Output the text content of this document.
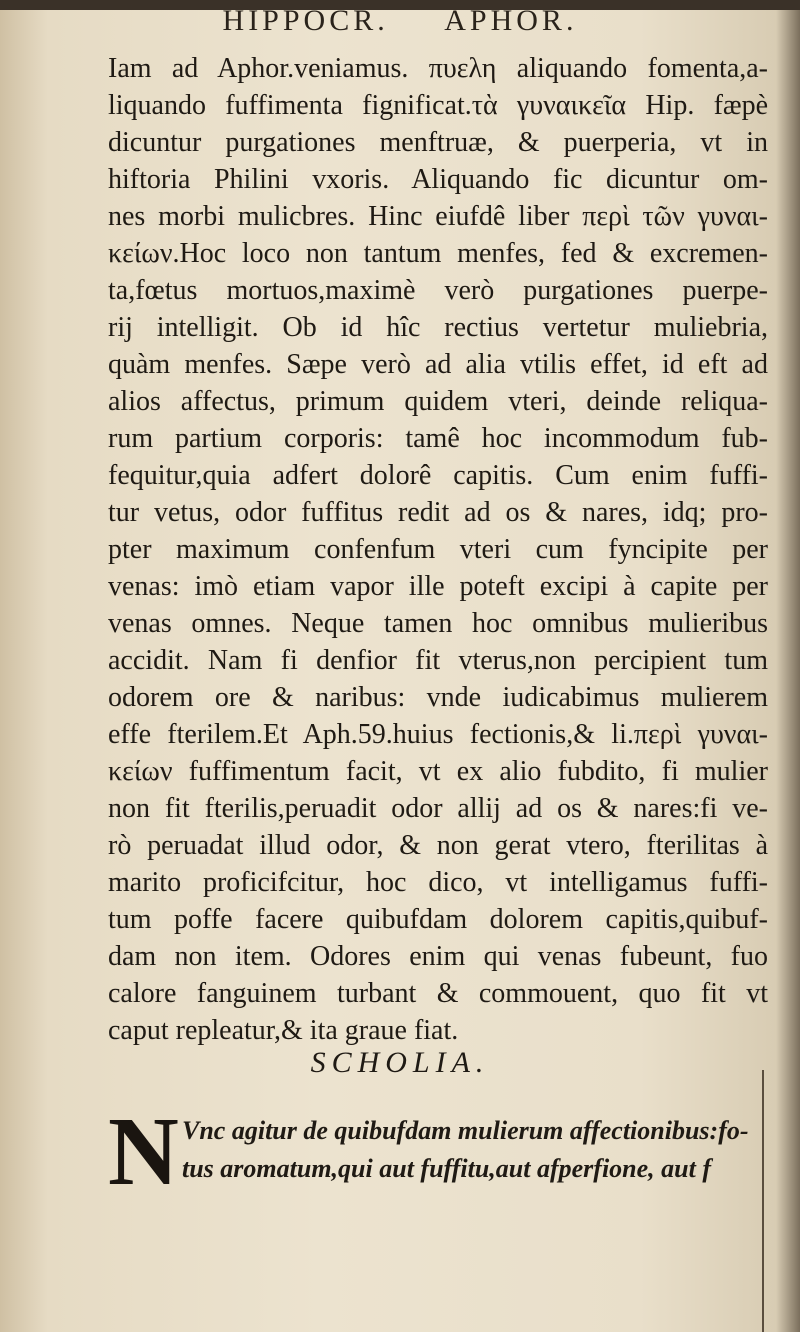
HIPPOCR. APHOR.
Iam ad Aphor.veniamus. πυελη aliquando fomenta,a-
liquando fuffimenta fignificat.τὰ γυναικεῖα Hip. fæpè
dicuntur purgationes menftruæ, & puerperia, vt in
hiftoria Philini vxoris. Aliquando fic dicuntur om-
nes morbi mulicbres. Hinc eiufdê liber περὶ τῶν γυναι-
κείων.Hoc loco non tantum menfes, fed & excremen-
ta,fœtus mortuos,maximè verò purgationes puerpe-
rij intelligit. Ob id hîc rectius vertetur muliebria,
quàm menfes. Sæpe verò ad alia vtilis effet, id eft ad
alios affectus, primum quidem vteri, deinde reliqua-
rum partium corporis: tamê hoc incommodum fub-
fequitur,quia adfert dolorê capitis. Cum enim fuffi-
tur vetus, odor fuffitus redit ad os & nares, idq; pro-
pter maximum confenfum vteri cum fyncipite per
venas: imò etiam vapor ille poteft excipi à capite per
venas omnes. Neque tamen hoc omnibus mulieribus
accidit. Nam fi denfior fit vterus,non percipient tum
odorem ore & naribus: vnde iudicabimus mulierem
effe fterilem.Et Aph.59.huius fectionis,& li.περὶ γυναι-
κείων fuffimentum facit, vt ex alio fubdito, fi mulier
non fit fterilis,peruadit odor allij ad os & nares:fi ve-
rò peruadat illud odor, & non gerat vtero, fterilitas à
marito proficifcitur, hoc dico, vt intelligamus fuffi-
tum poffe facere quibufdam dolorem capitis,quibuf-
dam non item. Odores enim qui venas fubeunt, fuo
calore fanguinem turbant & commouent, quo fit vt
caput repleatur,& ita graue fiat.
SCHOLIA.
N Vnc agitur de quibufdam mulierum affectionibus:fo-
tus aromatum,qui aut fuffitu,aut afperfione, aut f
